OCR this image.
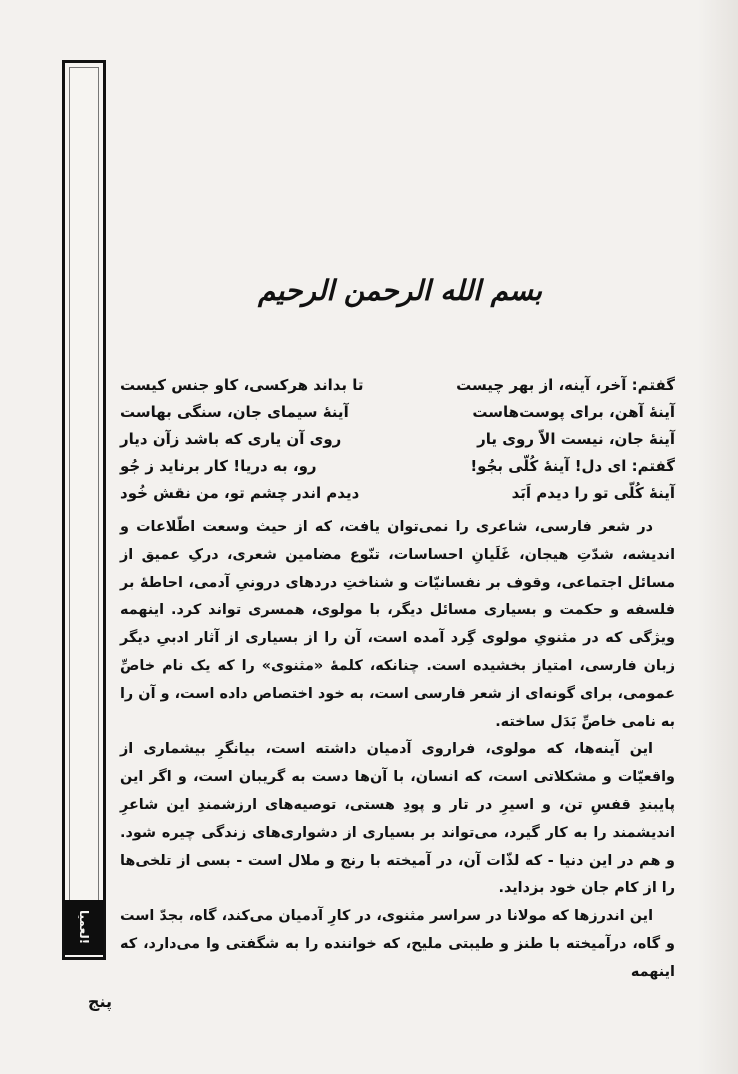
لعمیا!
بسم الله الرحمن الرحیم
گفتم: آخر، آینه، از بهر چیست
تا بداند هرکسی، کاو جنس کیست
آینهٔ آهن، برای پوست‌هاست
آینهٔ سیمای جان، سنگی بهاست
آینهٔ جان، نیست الاّ روی یار
روی آن یاری که باشد زآن دیار
گفتم: ای دل! آینهٔ کُلّی بجُو!
رو، به دریا! کار برناید ز جُو
آینهٔ کُلّی تو را دیدم اَبَد
دیدم اندر چشم تو، من نقش خُود

در شعر فارسی، شاعری را نمی‌توان یافت، که از حیث وسعت اطّلاعات و اندیشه، شدّتِ هیجان، غَلَیانِ احساسات، تنّوع مضامین شعری، درکِ عمیق از مسائل اجتماعی، وقوف بر نفسانیّات و شناختِ دردهای درونیِ آدمی، احاطهٔ بر فلسفه و حکمت و بسیاری مسائل دیگر، با مولوی، همسری تواند کرد. اینهمه ویژگی که در مثنویِ مولوی گِرد آمده است، آن را از بسیاری از آثار ادبیِ دیگر زبان فارسی، امتیاز بخشیده است. چنانکه، کلمهٔ «مثنوی» را که یک نام خاصِّ عمومی، برای گونه‌ای از شعر فارسی است، به خود اختصاص داده است، و آن را به نامی خاصِّ بَدَل ساخته.

این آینه‌ها، که مولوی، فراروی آدمیان داشته است، بیانگرِ بیشماری از واقعیّات و مشکلاتی است، که انسان، با آن‌ها دست به گریبان است، و اگر این پایبندِ قفسِ تن، و اسیرِ در تار و پودِ هستی، توصیه‌های ارزشمندِ این شاعرِ اندیشمند را به کار گیرد، می‌تواند بر بسیاری از دشواری‌های زندگی چیره شود. و هم در این دنیا - که لذّات آن، در آمیخته با رنج و ملال است - بسی از تلخی‌ها را از کام جان خود بزداید.

این اندرزها که مولانا در سراسر مثنوی، در کارِ آدمیان می‌کند، گاه، بجدّ است و گاه، درآمیخته با طنز و طیبتی ملیح، که خواننده را به شگفتی وا می‌دارد، که اینهمه

پنج
